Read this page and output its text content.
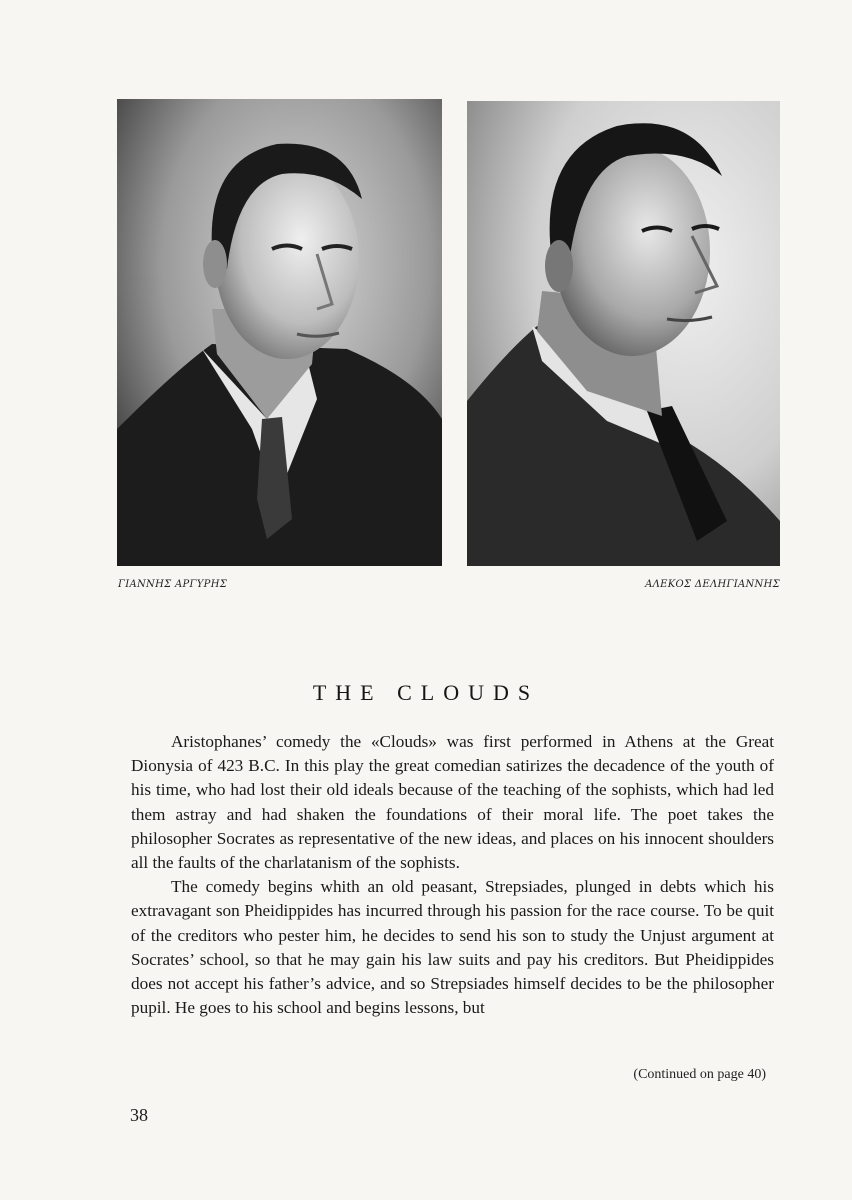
ΓΙΑΝΝΗΣ ΑΡΓΥΡΗΣ	ΑΛΕΚΟΣ ΔΕΛΗΓΙΑΝΝΗΣ
THE CLOUDS

Aristophanes’ comedy the «Clouds» was first performed in Athens at the Great Dionysia of 423 B.C. In this play the great comedian satirizes the decadence of the youth of his time, who had lost their old ideals because of the teaching of the sophists, which had led them astray and had shaken the foundations of their moral life. The poet takes the philosopher Socrates as representative of the new ideas, and places on his innocent shoulders all the faults of the charlatanism of the sophists.

The comedy begins whith an old peasant, Strepsiades, plunged in debts which his extravagant son Pheidippides has incurred through his passion for the race course. To be quit of the creditors who pester him, he decides to send his son to study the Unjust argument at Socrates’ school, so that he may gain his law suits and pay his creditors. But Pheidippides does not accept his father’s advice, and so Strepsiades himself decides to be the philosopher pupil. He goes to his school and begins lessons, but

(Continued on page 40)
38
